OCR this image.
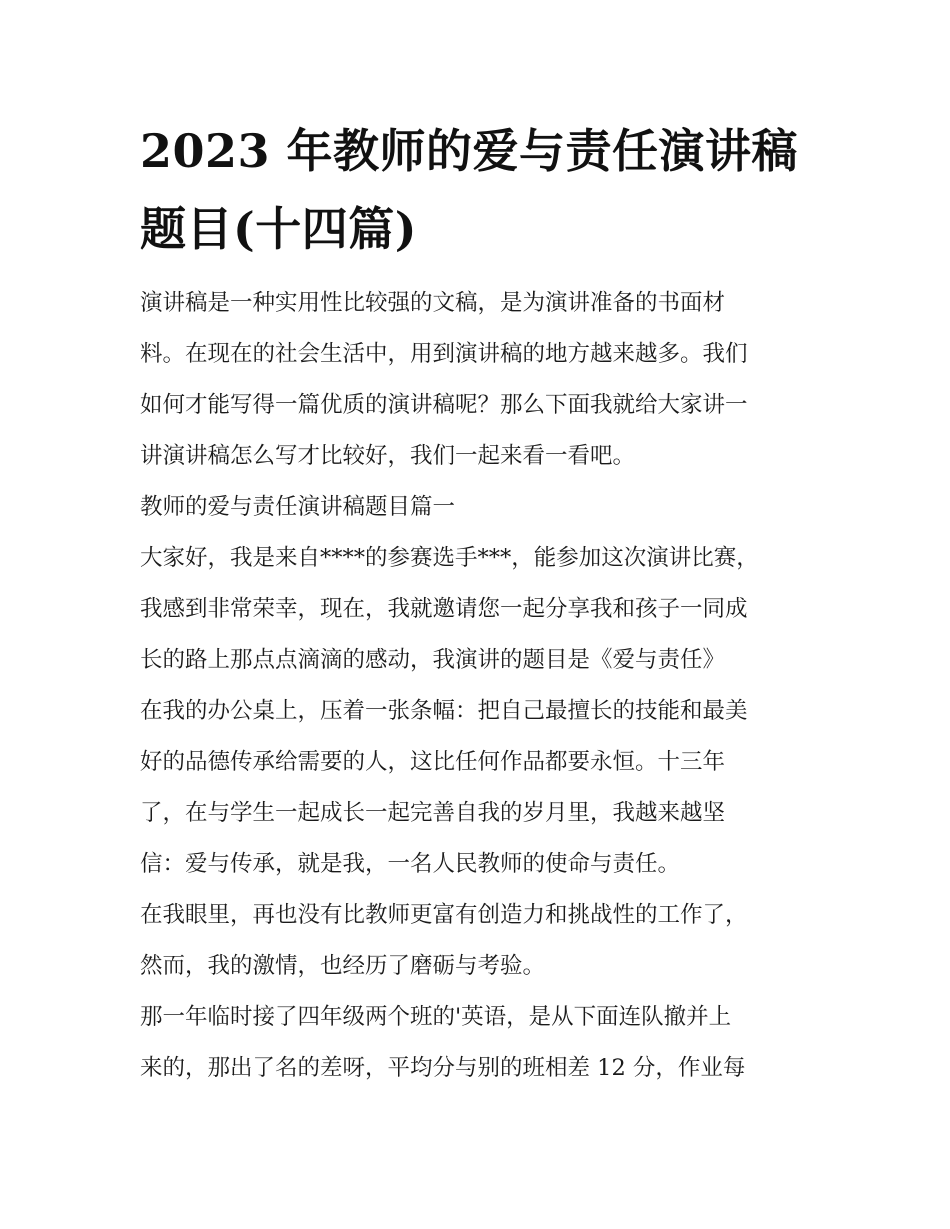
2023 年教师的爱与责任演讲稿
题目(十四篇)
演讲稿是一种实用性比较强的文稿，是为演讲准备的书面材
料。在现在的社会生活中，用到演讲稿的地方越来越多。我们
如何才能写得一篇优质的演讲稿呢？那么下面我就给大家讲一
讲演讲稿怎么写才比较好，我们一起来看一看吧。
教师的爱与责任演讲稿题目篇一
大家好，我是来自****的参赛选手***，能参加这次演讲比赛，
我感到非常荣幸，现在，我就邀请您一起分享我和孩子一同成
长的路上那点点滴滴的感动，我演讲的题目是《爱与责任》
在我的办公桌上，压着一张条幅：把自己最擅长的技能和最美
好的品德传承给需要的人，这比任何作品都要永恒。十三年
了，在与学生一起成长一起完善自我的岁月里，我越来越坚
信：爱与传承，就是我，一名人民教师的使命与责任。
在我眼里，再也没有比教师更富有创造力和挑战性的工作了，
然而，我的激情，也经历了磨砺与考验。
那一年临时接了四年级两个班的'英语，是从下面连队撤并上
来的，那出了名的差呀，平均分与别的班相差 12 分，作业每
